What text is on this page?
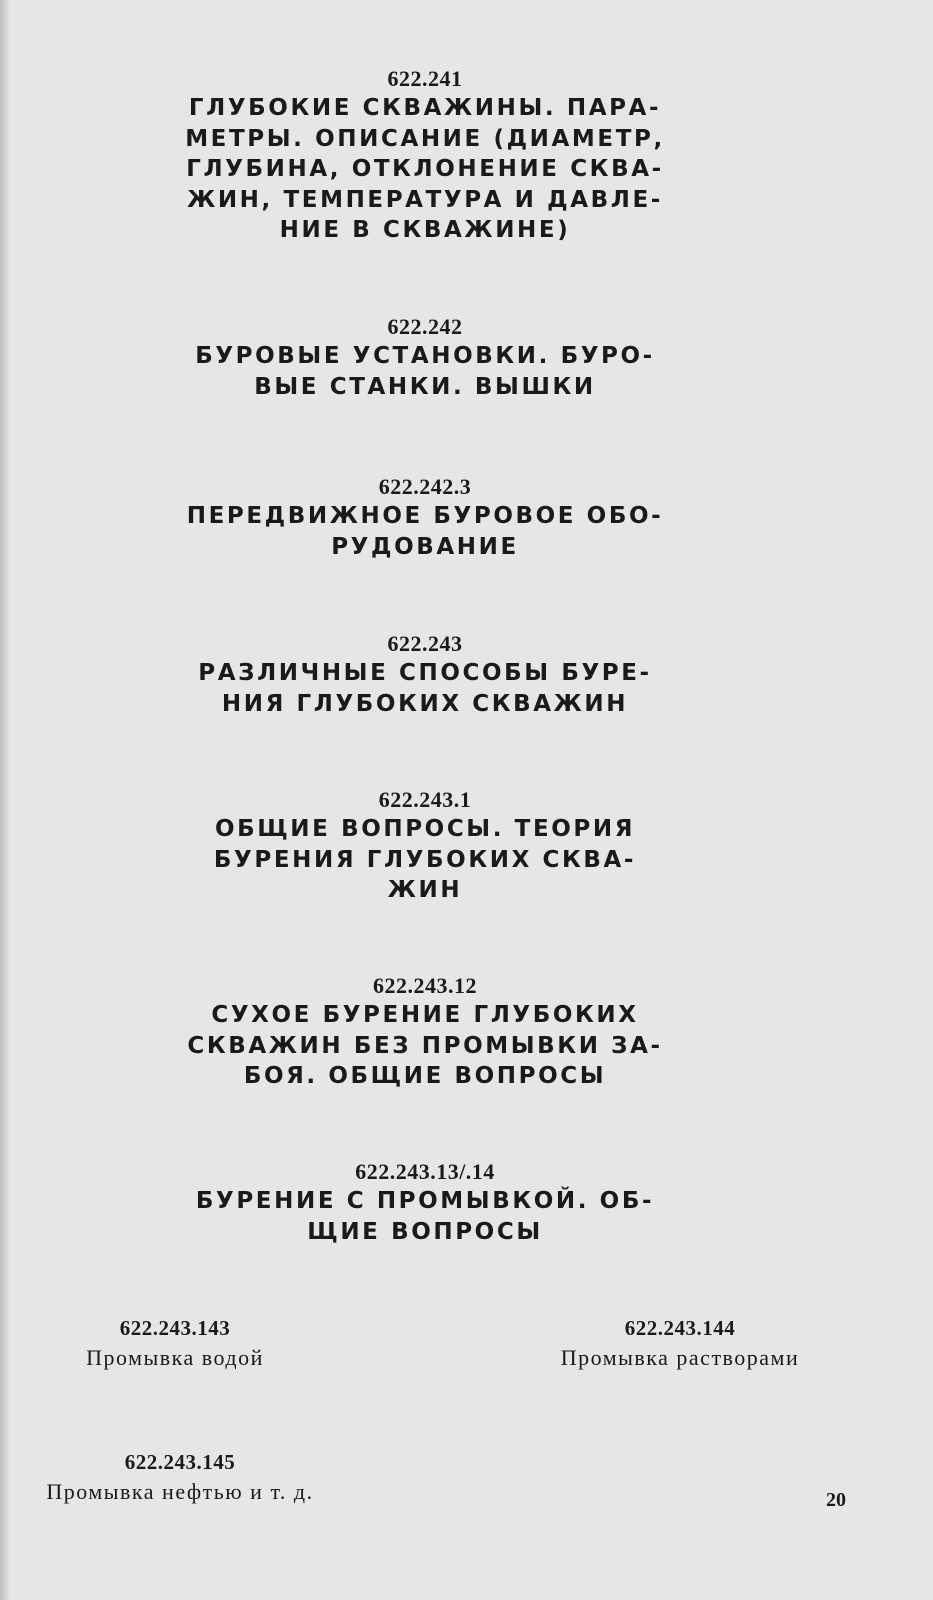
622.241
ГЛУБОКИЕ СКВАЖИНЫ. ПАРА-
МЕТРЫ. ОПИСАНИЕ (ДИАМЕТР,
ГЛУБИНА, ОТКЛОНЕНИЕ СКВА-
ЖИН, ТЕМПЕРАТУРА И ДАВЛЕ-
НИЕ В СКВАЖИНЕ)
622.242
БУРОВЫЕ УСТАНОВКИ. БУРО-
ВЫЕ СТАНКИ. ВЫШКИ
622.242.3
ПЕРЕДВИЖНОЕ БУРОВОЕ ОБО-
РУДОВАНИЕ
622.243
РАЗЛИЧНЫЕ СПОСОБЫ БУРЕ-
НИЯ ГЛУБОКИХ СКВАЖИН
622.243.1
ОБЩИЕ ВОПРОСЫ. ТЕОРИЯ
БУРЕНИЯ ГЛУБОКИХ СКВА-
ЖИН
622.243.12
СУХОЕ БУРЕНИЕ ГЛУБОКИХ
СКВАЖИН БЕЗ ПРОМЫВКИ ЗА-
БОЯ. ОБЩИЕ ВОПРОСЫ
622.243.13/.14
БУРЕНИЕ С ПРОМЫВКОЙ. ОБ-
ЩИЕ ВОПРОСЫ
622.243.143
Промывка водой
622.243.144
Промывка растворами
622.243.145
Промывка нефтью и т. д.	20
